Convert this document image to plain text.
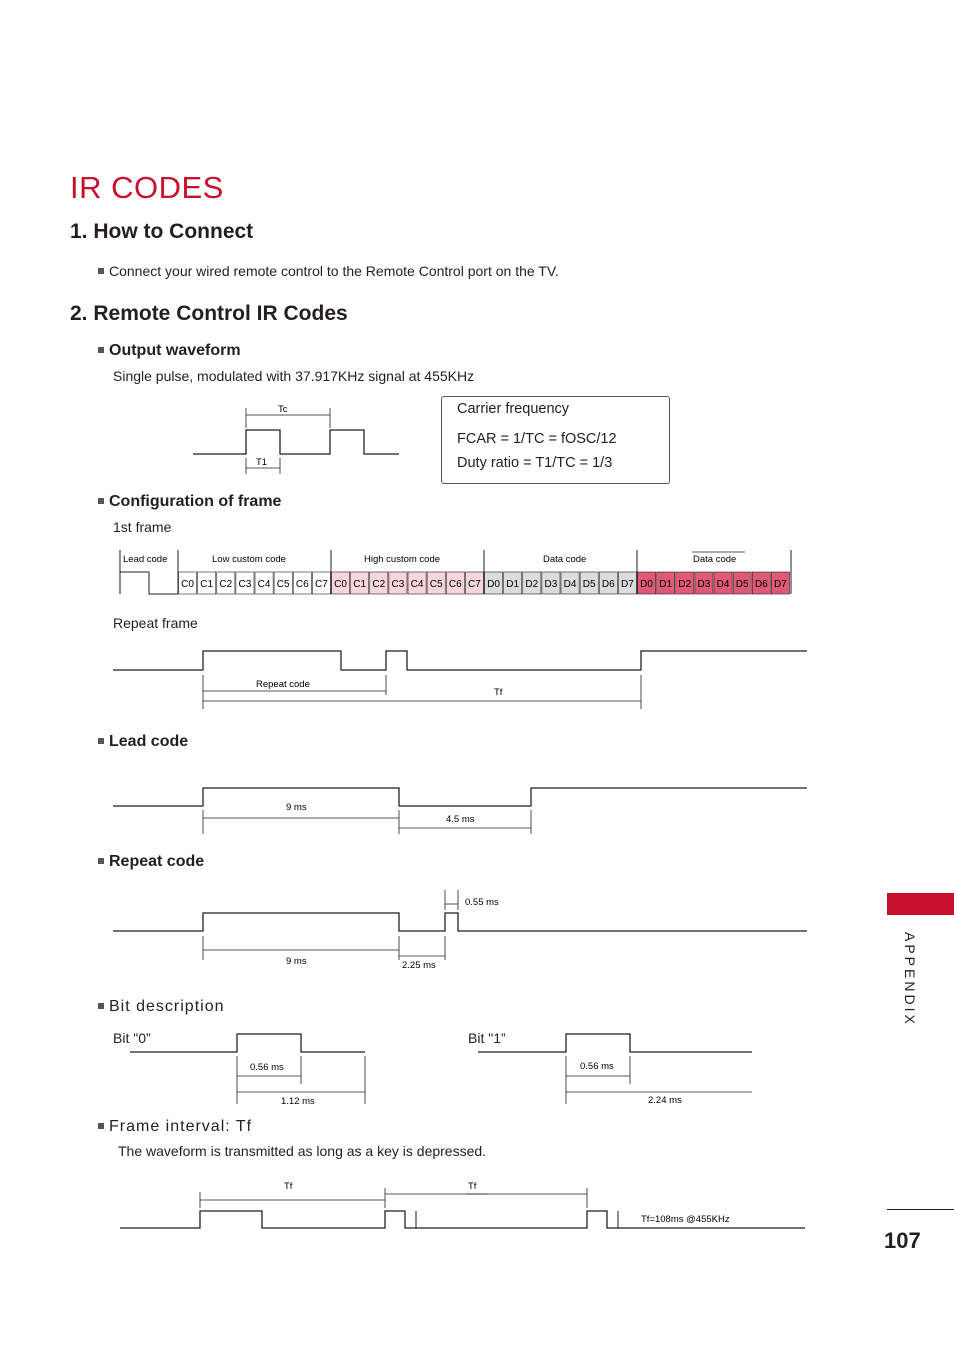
IR CODES
1. How to Connect
Connect your wired remote control to the Remote Control port on the TV.
2. Remote Control IR Codes
Output waveform
Single pulse, modulated with 37.917KHz signal at 455KHz
Tc
T1
Carrier frequency
FCAR = 1/TC = fOSC/12
Duty ratio = T1/TC = 1/3
Configuration of frame
1st frame
Lead code	Low custom code	High custom code	Data code	Data code
C0 C1 C2 C3 C4 C5 C6 C7 C0 C1 C2 C3 C4 C5 C6 C7 D0 D1 D2 D3 D4 D5 D6 D7 D0 D1 D2 D3 D4 D5 D6 D7
Repeat frame
Repeat code
Tf
Lead code
9 ms
4.5 ms
Repeat code
0.55 ms
9 ms	2.25 ms
Bit description
Bit "0”	Bit "1”
0.56 ms
1.12 ms
0.56 ms
2.24 ms
Frame interval: Tf
The waveform is transmitted as long as a key is depressed.
Tf	Tf
Tf=108ms @455KHz
APPENDIX
107
